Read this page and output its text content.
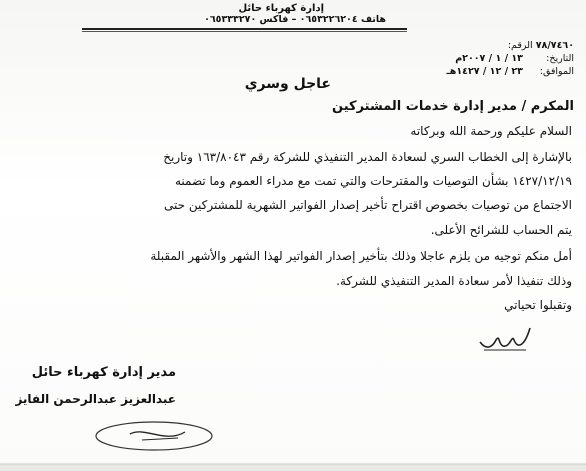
إدارة كهرباء حائل
هاتف ٠٦٥٣٢٢٦٢٠٤ – فاكس ٠٦٥٣٣٣٢٧٠
الرقم: ٧٨/٧٤٦٠
التاريخ: ١٣ / ١ / ٢٠٠٧م
الموافق: ٢٣ / ١٢ / ١٤٢٧هـ
عاجل وسري
المكرم / مدير إدارة خدمات المشتركين
السلام عليكم ورحمة الله وبركاته
بالإشارة إلى الخطاب السري لسعادة المدير التنفيذي للشركة رقم ١٦٣/٨٠٤٣ وتاريخ
١٤٢٧/١٢/١٩ بشأن التوصيات والمقترحات والتي تمت مع مدراء العموم وما تضمنه
الاجتماع من توصيات بخصوص اقتراح تأخير إصدار الفواتير الشهرية للمشتركين حتى
يتم الحساب للشرائح الأعلى.
أمل منكم توجيه من يلزم عاجلا وذلك بتأخير إصدار الفواتير لهذا الشهر والأشهر المقبلة
وذلك تنفيذا لأمر سعادة المدير التنفيذي للشركة.
وتقبلوا تحياتي
مدير إدارة كهرباء حائل
عبدالعزيز عبدالرحمن الفايز
